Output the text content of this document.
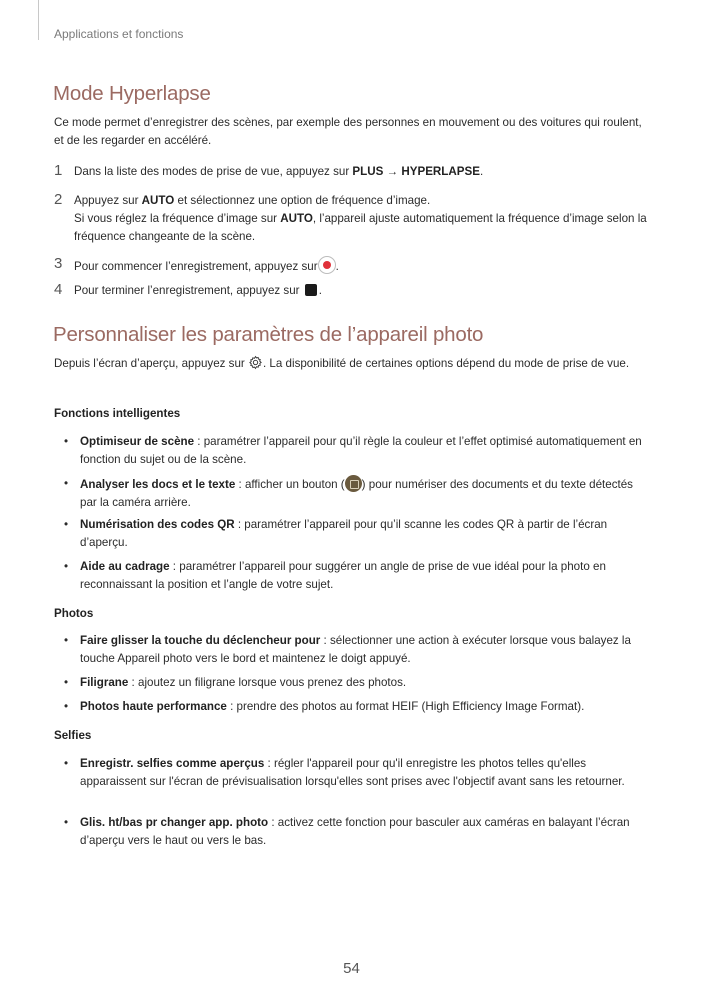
Applications et fonctions
Mode Hyperlapse

Ce mode permet d’enregistrer des scènes, par exemple des personnes en mouvement ou des voitures qui roulent, et de les regarder en accéléré.

1 Dans la liste des modes de prise de vue, appuyez sur PLUS → HYPERLAPSE.
2 Appuyez sur AUTO et sélectionnez une option de fréquence d’image.
Si vous réglez la fréquence d’image sur AUTO, l’appareil ajuste automatiquement la fréquence d’image selon la fréquence changeante de la scène.
3 Pour commencer l’enregistrement, appuyez sur .
4 Pour terminer l’enregistrement, appuyez sur .
Personnaliser les paramètres de l’appareil photo

Depuis l’écran d’aperçu, appuyez sur . La disponibilité de certaines options dépend du mode de prise de vue.

Fonctions intelligentes
• Optimiseur de scène : paramétrer l’appareil pour qu’il règle la couleur et l’effet optimisé automatiquement en fonction du sujet ou de la scène.
• Analyser les docs et le texte : afficher un bouton ( ) pour numériser des documents et du texte détectés par la caméra arrière.
• Numérisation des codes QR : paramétrer l’appareil pour qu’il scanne les codes QR à partir de l’écran d’aperçu.
• Aide au cadrage : paramétrer l’appareil pour suggérer un angle de prise de vue idéal pour la photo en reconnaissant la position et l’angle de votre sujet.
Photos
• Faire glisser la touche du déclencheur pour : sélectionner une action à exécuter lorsque vous balayez la touche Appareil photo vers le bord et maintenez le doigt appuyé.
• Filigrane : ajoutez un filigrane lorsque vous prenez des photos.
• Photos haute performance : prendre des photos au format HEIF (High Efficiency Image Format).
Selfies
• Enregistr. selfies comme aperçus : régler l'appareil pour qu'il enregistre les photos telles qu'elles apparaissent sur l'écran de prévisualisation lorsqu'elles sont prises avec l'objectif avant sans les retourner.
• Glis. ht/bas pr changer app. photo : activez cette fonction pour basculer aux caméras en balayant l’écran d’aperçu vers le haut ou vers le bas.
54
